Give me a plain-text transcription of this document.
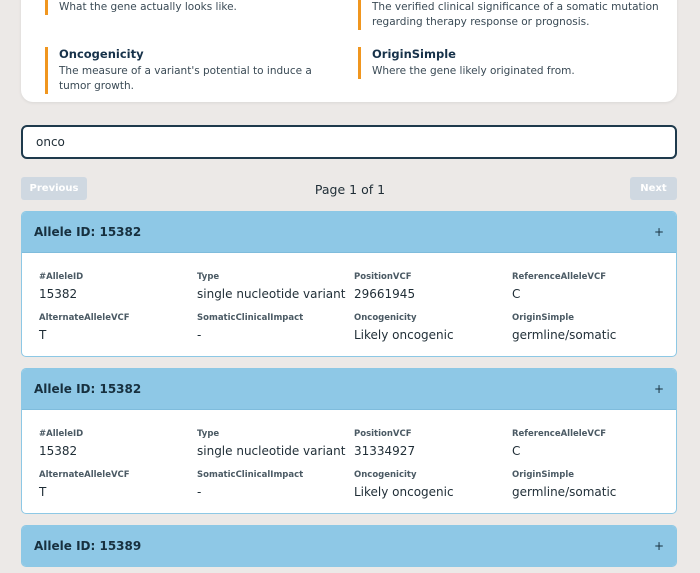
What the gene actually looks like.	The verified clinical significance of a somatic mutation regarding therapy response or prognosis.
Oncogenicity
The measure of a variant's potential to induce a tumor growth.
OriginSimple
Where the gene likely originated from.
onco
Previous	Page 1 of 1	Next
Allele ID: 15382	+
#AlleleID
15382
Type
single nucleotide variant
PositionVCF
29661945
ReferenceAlleleVCF
C
AlternateAlleleVCF
T
SomaticClinicalImpact
-
Oncogenicity
Likely oncogenic
OriginSimple
germline/somatic
Allele ID: 15382	+
#AlleleID
15382
Type
single nucleotide variant
PositionVCF
31334927
ReferenceAlleleVCF
C
AlternateAlleleVCF
T
SomaticClinicalImpact
-
Oncogenicity
Likely oncogenic
OriginSimple
germline/somatic
Allele ID: 15389	+
